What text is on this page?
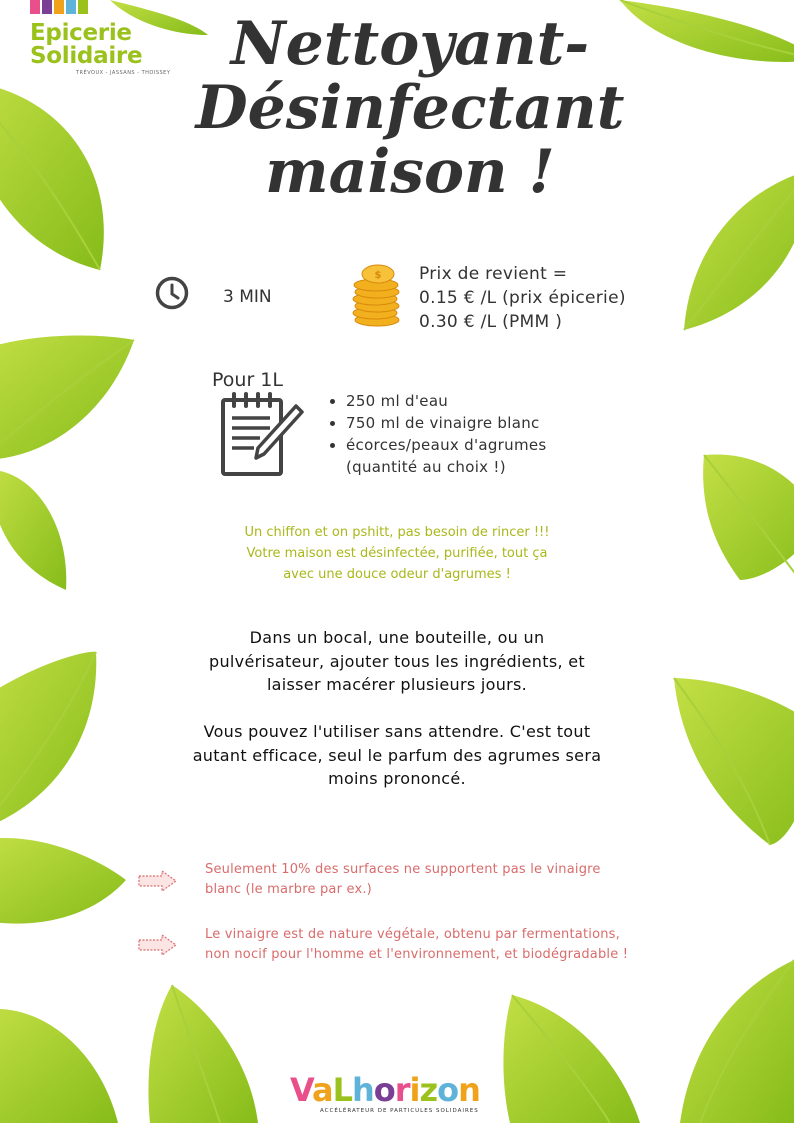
Epicerie
Solidaire
TRÉVOUX - JASSANS - THOISSEY	Nettoyant-
Désinfectant
maison !
3 MIN
$ Prix de revient =
0.15 € /L (prix épicerie)
0.30 € /L (PMM )
Pour 1L
• 250 ml d'eau
• 750 ml de vinaigre blanc
• écorces/peaux d'agrumes
(quantité au choix !)
Un chiffon et on pshitt, pas besoin de rincer !!!
Votre maison est désinfectée, purifiée, tout ça
avec une douce odeur d'agrumes !
Dans un bocal, une bouteille, ou un
pulvérisateur, ajouter tous les ingrédients, et
laisser macérer plusieurs jours.
Vous pouvez l'utiliser sans attendre. C'est tout
autant efficace, seul le parfum des agrumes sera
moins prononcé.
Seulement 10% des surfaces ne supportent pas le vinaigre
blanc (le marbre par ex.)
Le vinaigre est de nature végétale, obtenu par fermentations,
non nocif pour l'homme et l'environnement, et biodégradable !
VaLhorizon
ACCÉLÉRATEUR DE PARTICULES SOLIDAIRES
